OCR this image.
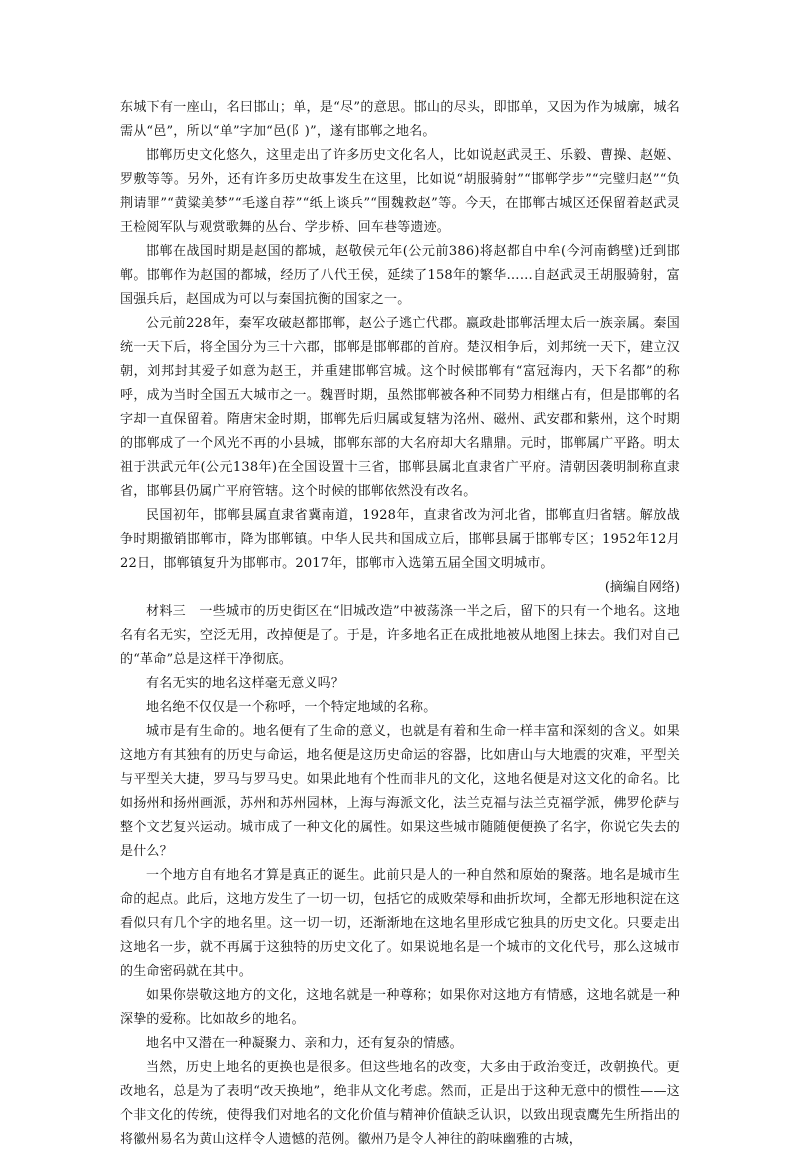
东城下有一座山，名曰邯山；单，是“尽”的意思。邯山的尽头，即邯单，又因为作为城廓，城名需从“邑”，所以“单”字加“邑(阝)”，遂有邯郸之地名。

邯郸历史文化悠久，这里走出了许多历史文化名人，比如说赵武灵王、乐毅、曹操、赵姬、罗敷等等。另外，还有许多历史故事发生在这里，比如说“胡服骑射”“邯郸学步”“完璧归赵”“负荆请罪”“黄粱美梦”“毛遂自荐”“纸上谈兵”“围魏救赵”等。今天，在邯郸古城区还保留着赵武灵王检阅军队与观赏歌舞的丛台、学步桥、回车巷等遗迹。

邯郸在战国时期是赵国的都城，赵敬侯元年(公元前386)将赵都自中牟(今河南鹤壁)迁到邯郸。邯郸作为赵国的都城，经历了八代王侯，延续了158年的繁华……自赵武灵王胡服骑射，富国强兵后，赵国成为可以与秦国抗衡的国家之一。

公元前228年，秦军攻破赵都邯郸，赵公子逃亡代郡。嬴政赴邯郸活埋太后一族亲属。秦国统一天下后，将全国分为三十六郡，邯郸是邯郸郡的首府。楚汉相争后，刘邦统一天下，建立汉朝，刘邦封其爱子如意为赵王，并重建邯郸宫城。这个时候邯郸有“富冠海内，天下名都”的称呼，成为当时全国五大城市之一。魏晋时期，虽然邯郸被各种不同势力相继占有，但是邯郸的名字却一直保留着。隋唐宋金时期，邯郸先后归属或复辖为洺州、磁州、武安郡和紫州，这个时期的邯郸成了一个风光不再的小县城，邯郸东部的大名府却大名鼎鼎。元时，邯郸属广平路。明太祖于洪武元年(公元138年)在全国设置十三省，邯郸县属北直隶省广平府。清朝因袭明制称直隶省，邯郸县仍属广平府管辖。这个时候的邯郸依然没有改名。

民国初年，邯郸县属直隶省冀南道，1928年，直隶省改为河北省，邯郸直归省辖。解放战争时期撤销邯郸市，降为邯郸镇。中华人民共和国成立后，邯郸县属于邯郸专区；1952年12月22日，邯郸镇复升为邯郸市。2017年，邯郸市入选第五届全国文明城市。

(摘编自网络)

材料三　一些城市的历史街区在“旧城改造”中被荡涤一半之后，留下的只有一个地名。这地名有名无实，空泛无用，改掉便是了。于是，许多地名正在成批地被从地图上抹去。我们对自己的“革命”总是这样干净彻底。

有名无实的地名这样毫无意义吗？

地名绝不仅仅是一个称呼，一个特定地域的名称。

城市是有生命的。地名便有了生命的意义，也就是有着和生命一样丰富和深刻的含义。如果这地方有其独有的历史与命运，地名便是这历史命运的容器，比如唐山与大地震的灾难，平型关与平型关大捷，罗马与罗马史。如果此地有个性而非凡的文化，这地名便是对这文化的命名。比如扬州和扬州画派，苏州和苏州园林，上海与海派文化，法兰克福与法兰克福学派，佛罗伦萨与整个文艺复兴运动。城市成了一种文化的属性。如果这些城市随随便便换了名字，你说它失去的是什么？

一个地方自有地名才算是真正的诞生。此前只是人的一种自然和原始的聚落。地名是城市生命的起点。此后，这地方发生了一切一切，包括它的成败荣辱和曲折坎坷，全都无形地积淀在这看似只有几个字的地名里。这一切一切，还渐渐地在这地名里形成它独具的历史文化。只要走出这地名一步，就不再属于这独特的历史文化了。如果说地名是一个城市的文化代号，那么这城市的生命密码就在其中。

如果你崇敬这地方的文化，这地名就是一种尊称；如果你对这地方有情感，这地名就是一种深挚的爱称。比如故乡的地名。

地名中又潜在一种凝聚力、亲和力，还有复杂的情感。

当然，历史上地名的更换也是很多。但这些地名的改变，大多由于政治变迁，改朝换代。更改地名，总是为了表明“改天换地”，绝非从文化考虑。然而，正是出于这种无意中的惯性——这个非文化的传统，使得我们对地名的文化价值与精神价值缺乏认识，以致出现袁鹰先生所指出的将徽州易名为黄山这样令人遗憾的范例。徽州乃是令人神往的韵味幽雅的古城，
